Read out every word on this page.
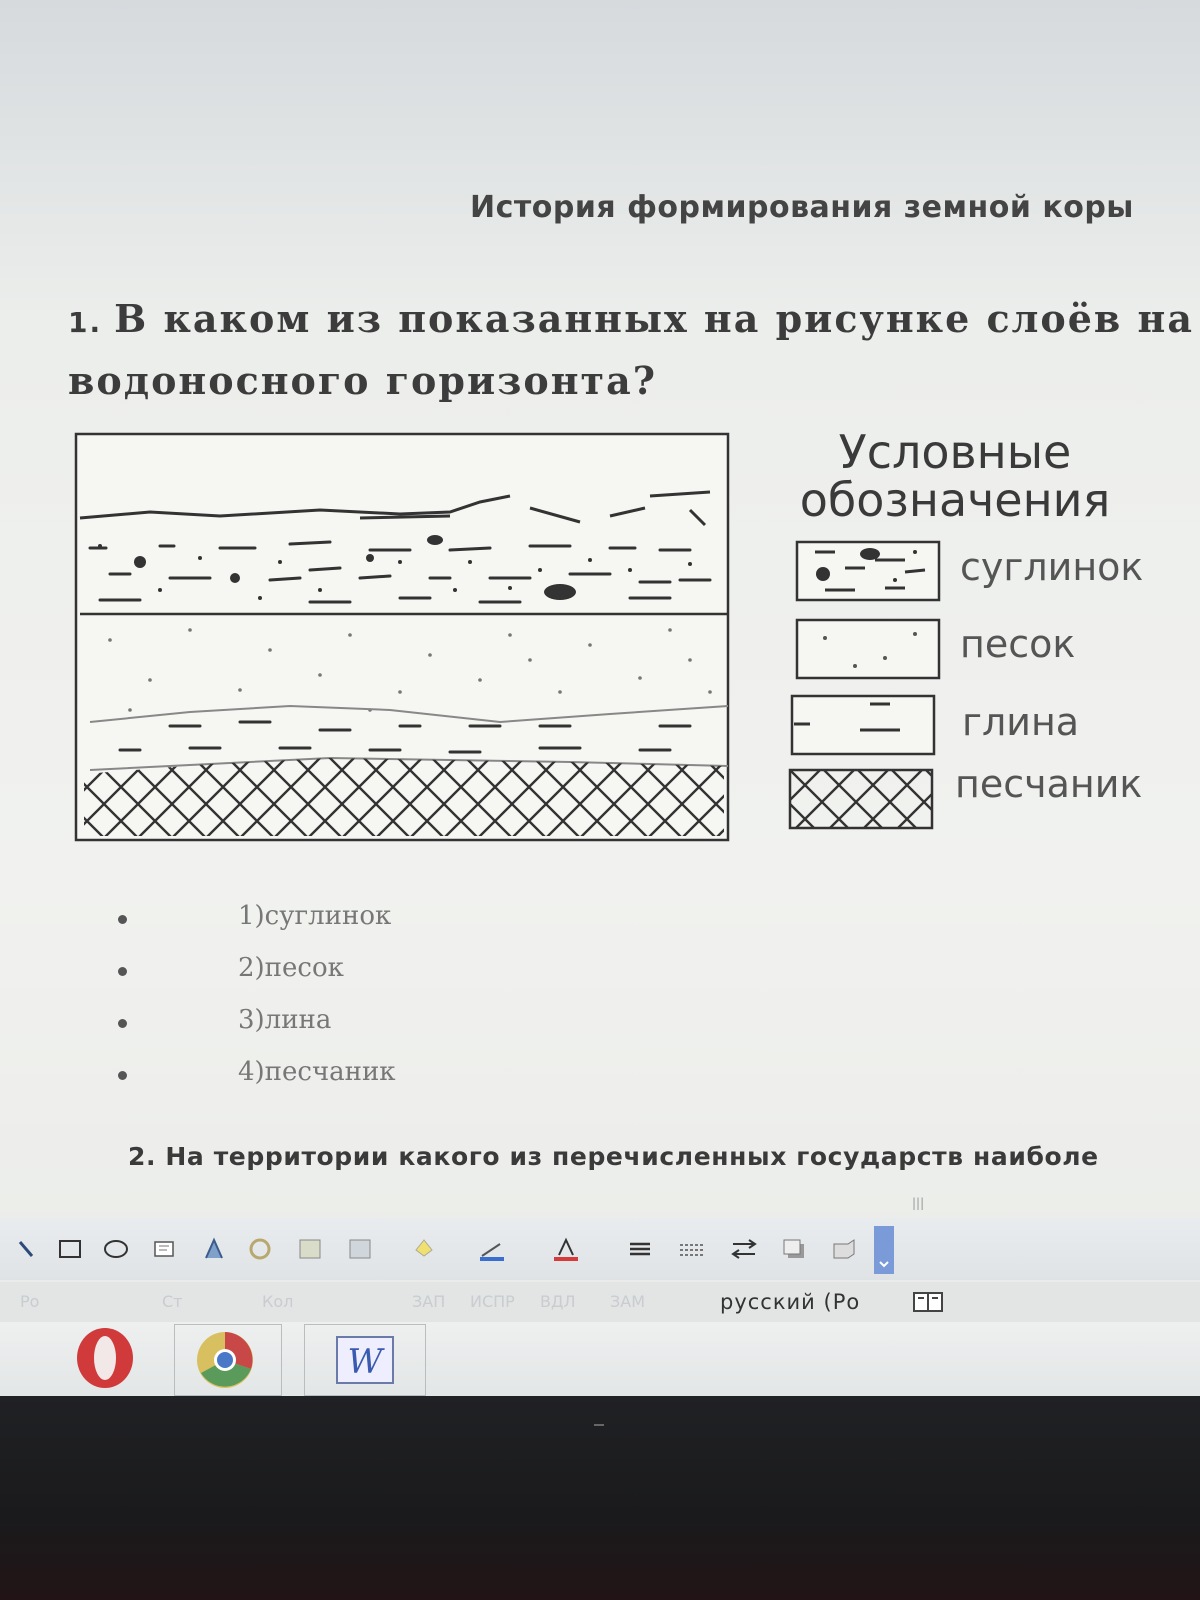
История формирования земной коры
1. В каком из показанных на рисунке слоёв на
водоносного горизонта?
Условные
обозначения
суглинок
песок
глина
песчаник
1)суглинок
2)песок
3)лина
4)песчаник
2. На территории какого из перечисленных государств наиболе
|||
Ро	Ст	Кол	ЗАП ИСПР ВДЛ ЗАМ	русский (Ро
W
